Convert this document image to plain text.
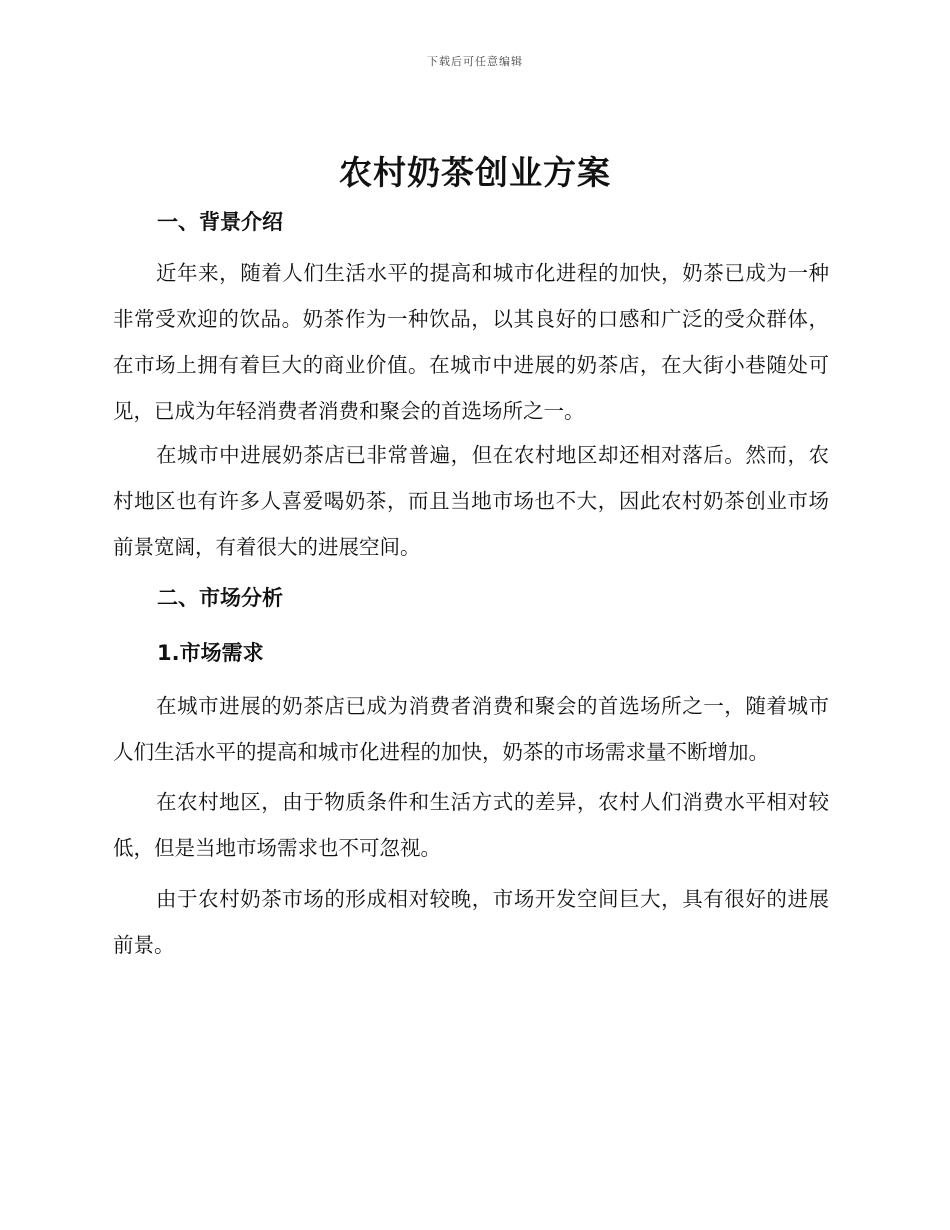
下载后可任意编辑
农村奶茶创业方案
一、背景介绍

近年来，随着人们生活水平的提高和城市化进程的加快，奶茶已成为一种非常受欢迎的饮品。奶茶作为一种饮品，以其良好的口感和广泛的受众群体，在市场上拥有着巨大的商业价值。在城市中进展的奶茶店，在大街小巷随处可见，已成为年轻消费者消费和聚会的首选场所之一。

在城市中进展奶茶店已非常普遍，但在农村地区却还相对落后。然而，农村地区也有许多人喜爱喝奶茶，而且当地市场也不大，因此农村奶茶创业市场前景宽阔，有着很大的进展空间。

二、市场分析
1.市场需求

在城市进展的奶茶店已成为消费者消费和聚会的首选场所之一，随着城市人们生活水平的提高和城市化进程的加快，奶茶的市场需求量不断增加。

在农村地区，由于物质条件和生活方式的差异，农村人们消费水平相对较低，但是当地市场需求也不可忽视。

由于农村奶茶市场的形成相对较晚，市场开发空间巨大，具有很好的进展前景。
